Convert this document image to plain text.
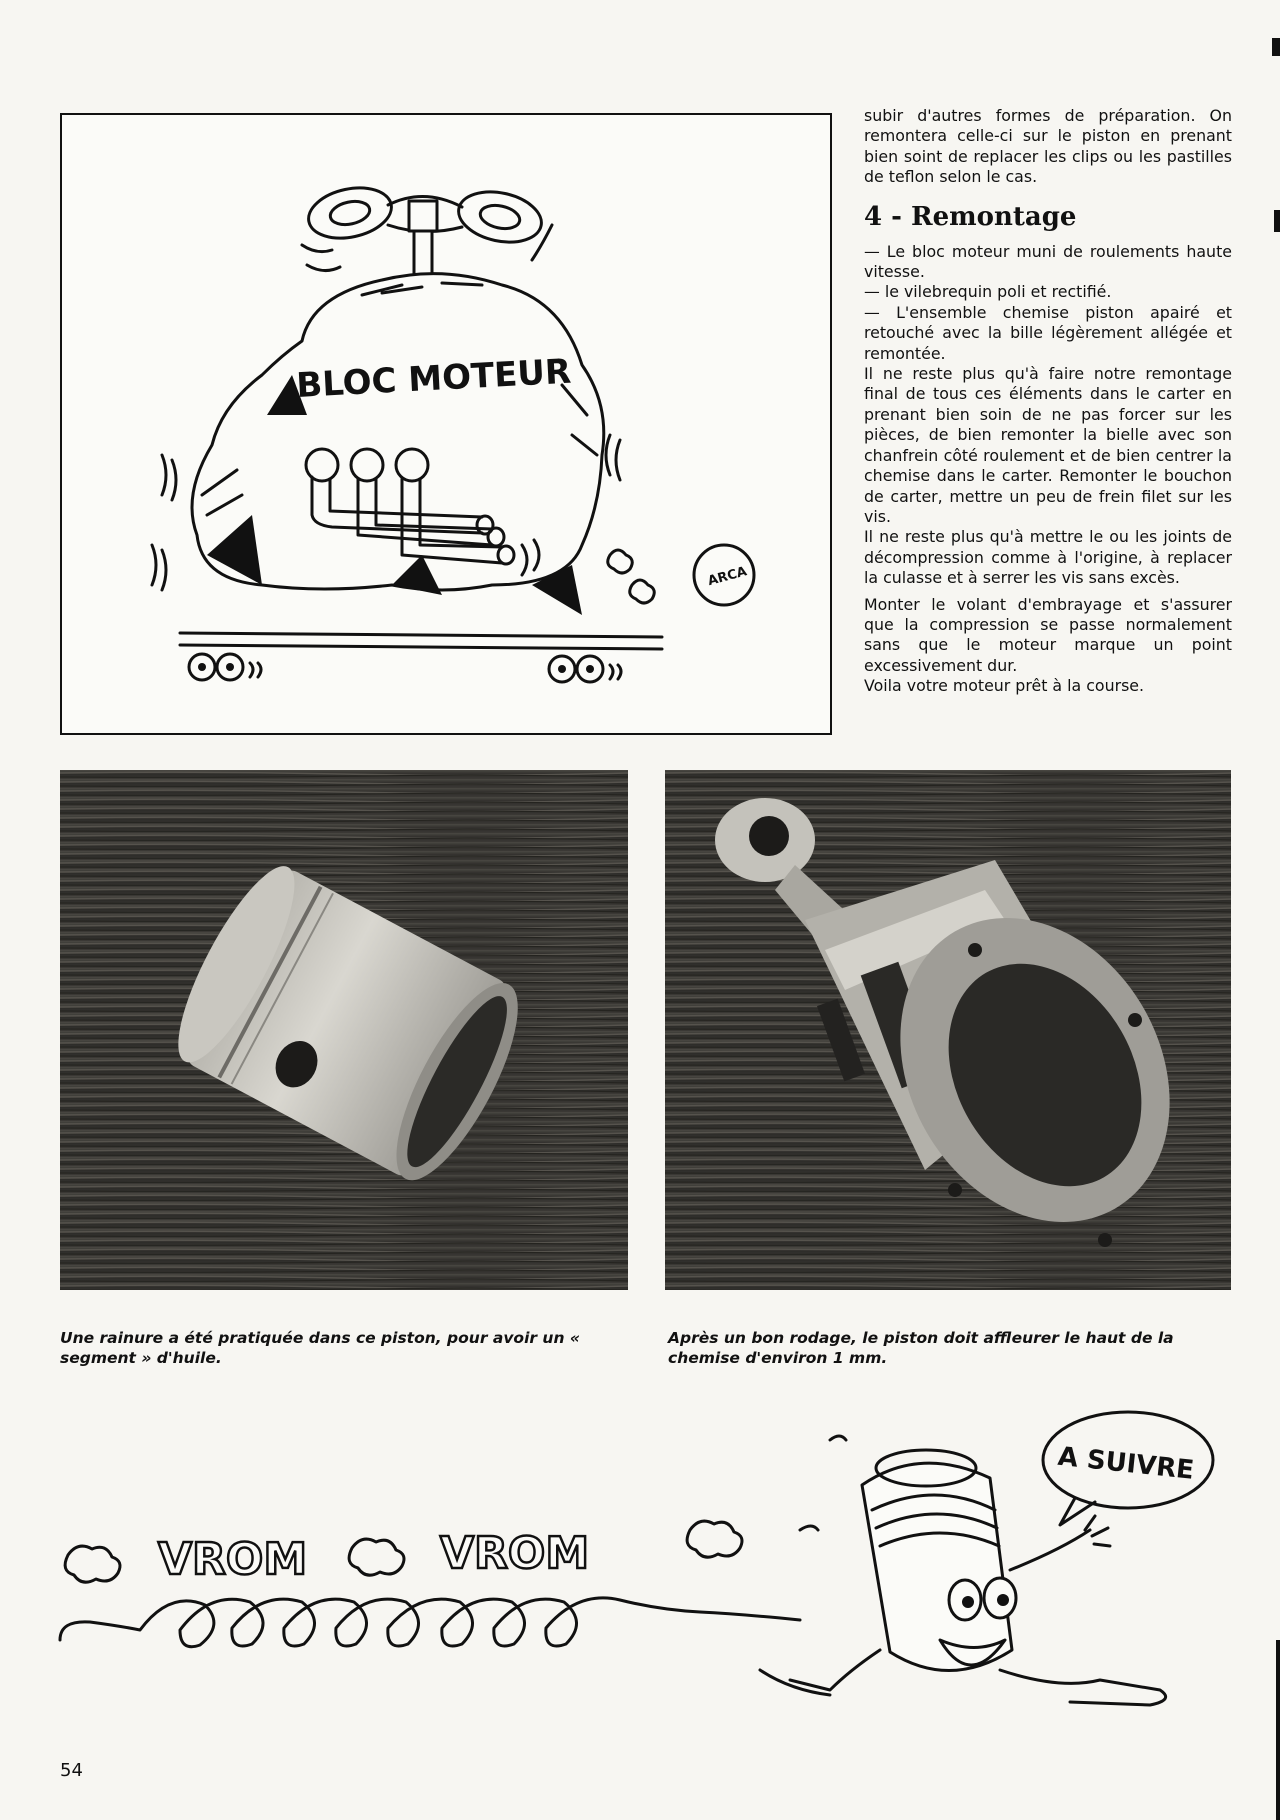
BLOC MOTEUR
ARCA

subir d'autres formes de préparation. On remontera celle-ci sur le piston en prenant bien soint de replacer les clips ou les pastilles de teflon selon le cas.

4 - Remontage

— Le bloc moteur muni de roulements haute vitesse.

— le vilebrequin poli et rectifié.

— L'ensemble chemise piston apairé et retouché avec la bille légèrement allégée et remontée.

Il ne reste plus qu'à faire notre remontage final de tous ces éléments dans le carter en prenant bien soin de ne pas forcer sur les pièces, de bien remonter la bielle avec son chanfrein côté roulement et de bien centrer la chemise dans le carter. Remonter le bouchon de carter, mettre un peu de frein filet sur les vis.

Il ne reste plus qu'à mettre le ou les joints de décompression comme à l'origine, à replacer la culasse et à serrer les vis sans excès.

Monter le volant d'embrayage et s'assurer que la compression se passe normalement sans que le moteur marque un point excessivement dur.

Voila votre moteur prêt à la course.

Une rainure a été pratiquée dans ce piston, pour avoir un « segment » d'huile.
Après un bon rodage, le piston doit affleurer le haut de la chemise d'environ 1 mm.
VROM	VROM
A SUIVRE
54
